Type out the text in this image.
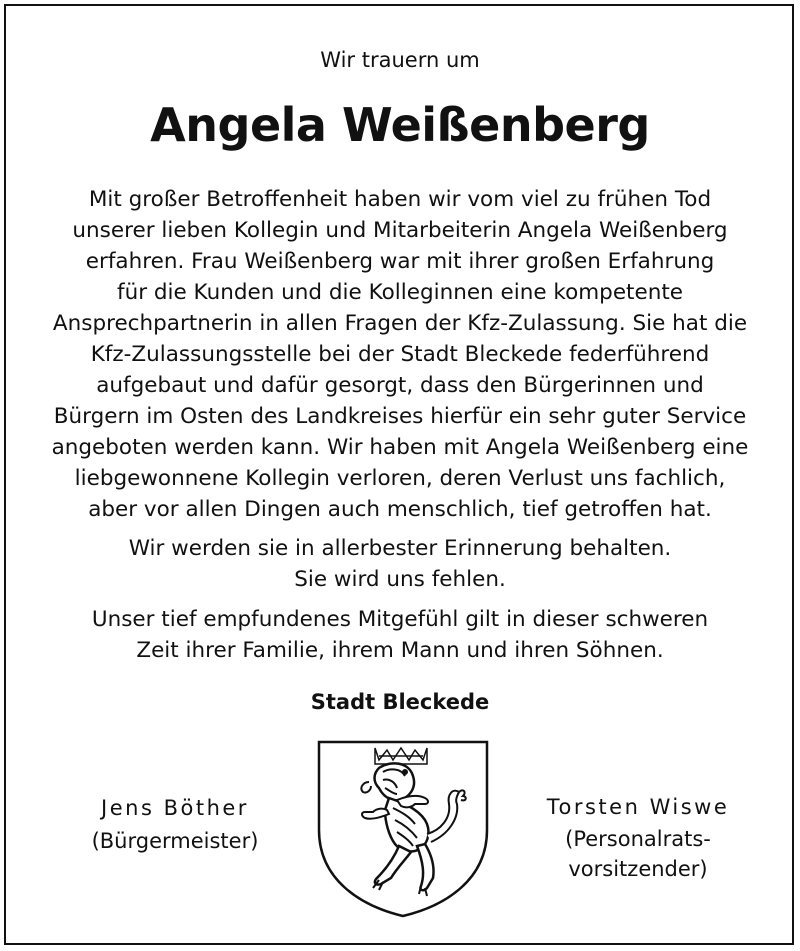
Wir trauern um
Angela Weißenberg
Mit großer Betroffenheit haben wir vom viel zu frühen Tod
unserer lieben Kollegin und Mitarbeiterin Angela Weißenberg
erfahren. Frau Weißenberg war mit ihrer großen Erfahrung
für die Kunden und die Kolleginnen eine kompetente
Ansprechpartnerin in allen Fragen der Kfz-Zulassung. Sie hat die
Kfz-Zulassungsstelle bei der Stadt Bleckede federführend
aufgebaut und dafür gesorgt, dass den Bürgerinnen und
Bürgern im Osten des Landkreises hierfür ein sehr guter Service
angeboten werden kann. Wir haben mit Angela Weißenberg eine
liebgewonnene Kollegin verloren, deren Verlust uns fachlich,
aber vor allen Dingen auch menschlich, tief getroffen hat.
Wir werden sie in allerbester Erinnerung behalten.
Sie wird uns fehlen.
Unser tief empfundenes Mitgefühl gilt in dieser schweren
Zeit ihrer Familie, ihrem Mann und ihren Söhnen.
Stadt Bleckede
Jens Böther
(Bürgermeister)
Torsten Wiswe
(Personalrats-
vorsitzender)
